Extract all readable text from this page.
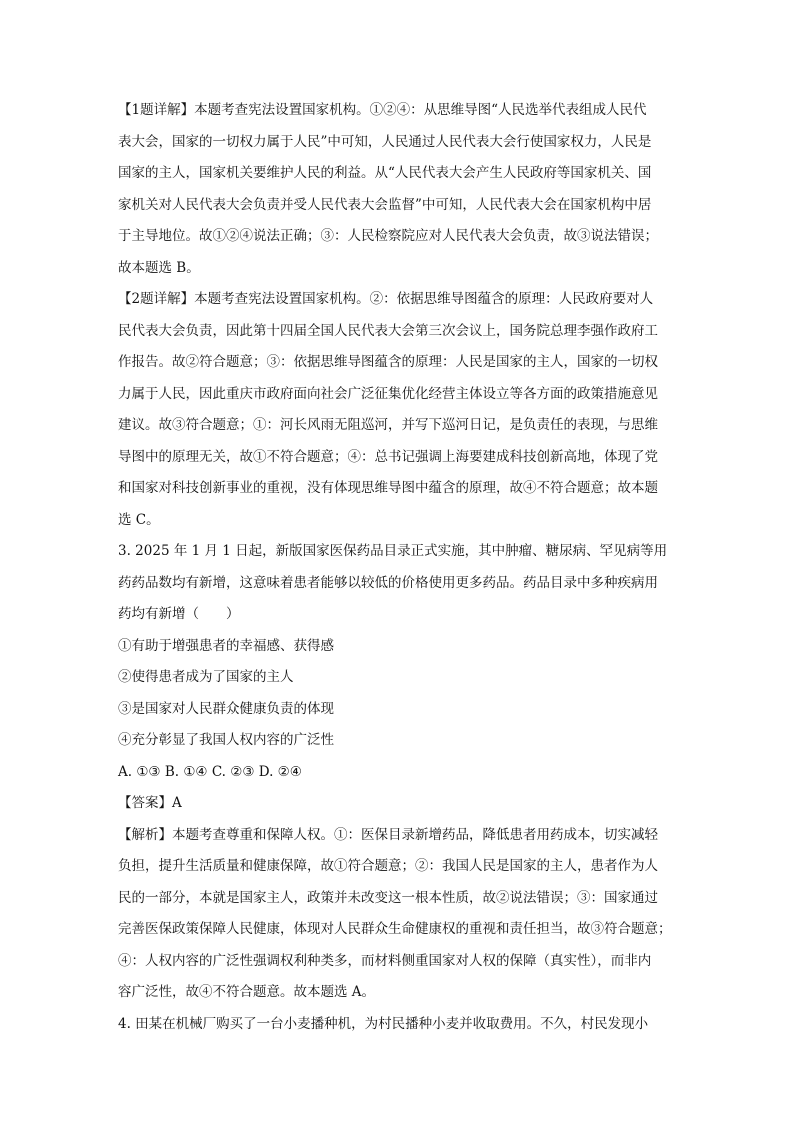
【1题详解】本题考查宪法设置国家机构。①②④：从思维导图“人民选举代表组成人民代
表大会，国家的一切权力属于人民”中可知，人民通过人民代表大会行使国家权力，人民是
国家的主人，国家机关要维护人民的利益。从“人民代表大会产生人民政府等国家机关、国
家机关对人民代表大会负责并受人民代表大会监督”中可知，人民代表大会在国家机构中居
于主导地位。故①②④说法正确；③：人民检察院应对人民代表大会负责，故③说法错误；
故本题选 B。
【2题详解】本题考查宪法设置国家机构。②：依据思维导图蕴含的原理：人民政府要对人
民代表大会负责，因此第十四届全国人民代表大会第三次会议上，国务院总理李强作政府工
作报告。故②符合题意；③：依据思维导图蕴含的原理：人民是国家的主人，国家的一切权
力属于人民，因此重庆市政府面向社会广泛征集优化经营主体设立等各方面的政策措施意见
建议。故③符合题意；①：河长风雨无阻巡河，并写下巡河日记，是负责任的表现，与思维
导图中的原理无关，故①不符合题意；④：总书记强调上海要建成科技创新高地，体现了党
和国家对科技创新事业的重视，没有体现思维导图中蕴含的原理，故④不符合题意；故本题
选 C。
3. 2025 年 1 月 1 日起，新版国家医保药品目录正式实施，其中肿瘤、糖尿病、罕见病等用
药药品数均有新增，这意味着患者能够以较低的价格使用更多药品。药品目录中多种疾病用
药均有新增（　　）
①有助于增强患者的幸福感、获得感
②使得患者成为了国家的主人
③是国家对人民群众健康负责的体现
④充分彰显了我国人权内容的广泛性
A. ①③ B. ①④ C. ②③ D. ②④
【答案】A
【解析】本题考查尊重和保障人权。①：医保目录新增药品，降低患者用药成本，切实减轻
负担，提升生活质量和健康保障，故①符合题意；②：我国人民是国家的主人，患者作为人
民的一部分，本就是国家主人，政策并未改变这一根本性质，故②说法错误；③：国家通过
完善医保政策保障人民健康，体现对人民群众生命健康权的重视和责任担当，故③符合题意；
④：人权内容的广泛性强调权利种类多，而材料侧重国家对人权的保障（真实性），而非内
容广泛性，故④不符合题意。故本题选 A。
4. 田某在机械厂购买了一台小麦播种机，为村民播种小麦并收取费用。不久，村民发现小
